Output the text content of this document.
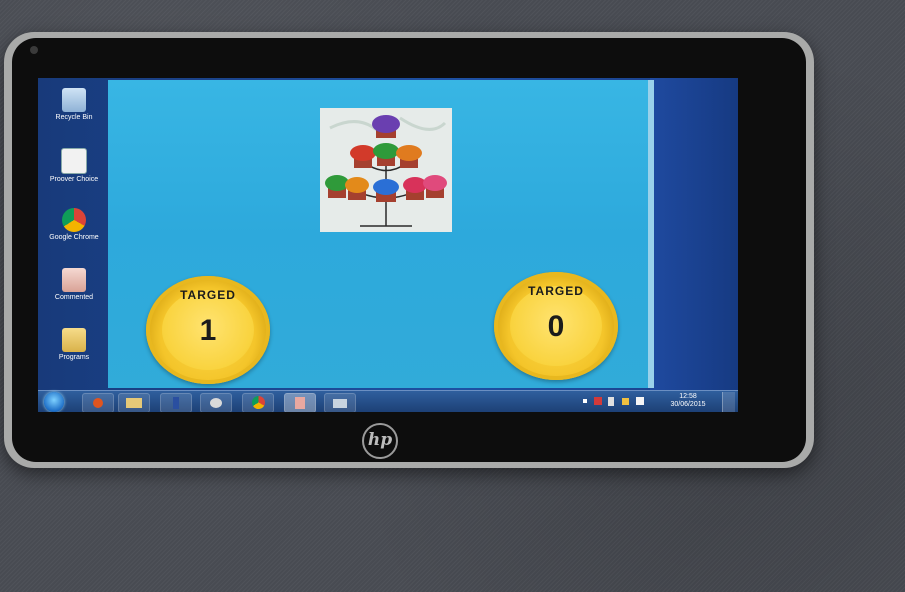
hp
Recycle Bin
Proover Choice
Google Chrome
Commented
Programs
TARGED
1
TARGED
0
12:58
30/06/2015
